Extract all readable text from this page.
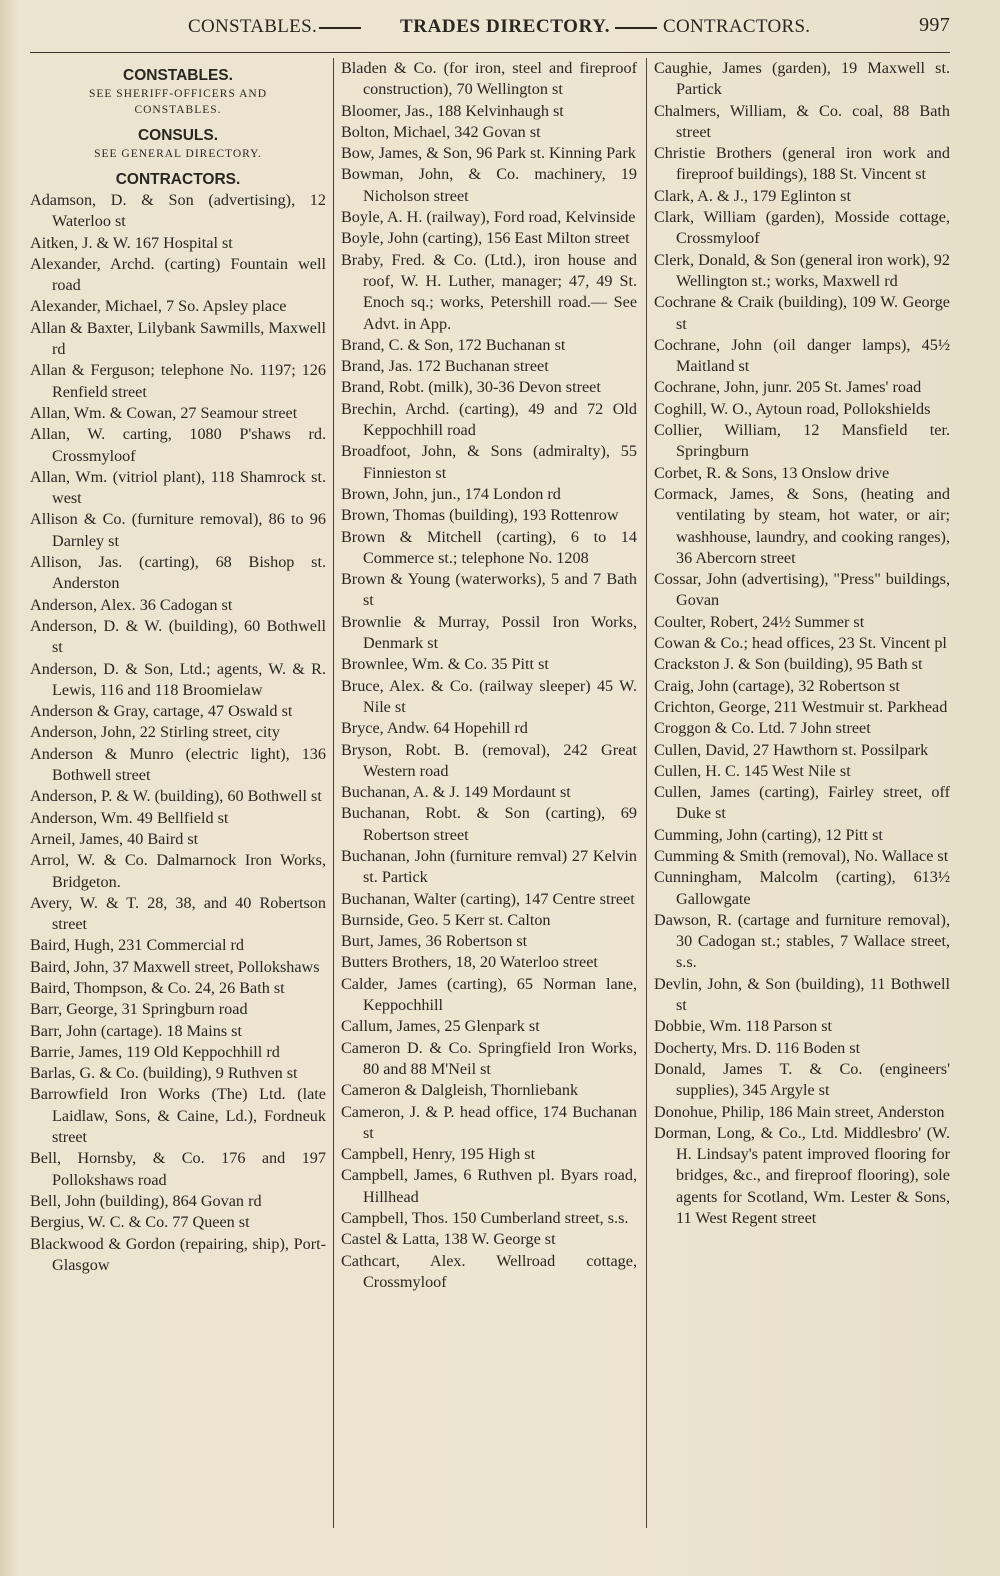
CONSTABLES.	TRADES DIRECTORY.	CONTRACTORS.	997
CONSTABLES.
SEE SHERIFF-OFFICERS AND CONSTABLES.
CONSULS.
SEE GENERAL DIRECTORY.
CONTRACTORS.

Adamson, D. & Son (advertising), 12 Waterloo st

Aitken, J. & W. 167 Hospital st

Alexander, Archd. (carting) Fountain well road

Alexander, Michael, 7 So. Apsley place

Allan & Baxter, Lilybank Sawmills, Maxwell rd

Allan & Ferguson; telephone No. 1197; 126 Renfield street

Allan, Wm. & Cowan, 27 Seamour street

Allan, W. carting, 1080 P'shaws rd. Crossmyloof

Allan, Wm. (vitriol plant), 118 Shamrock st. west

Allison & Co. (furniture removal), 86 to 96 Darnley st

Allison, Jas. (carting), 68 Bishop st. Anderston

Anderson, Alex. 36 Cadogan st

Anderson, D. & W. (building), 60 Bothwell st

Anderson, D. & Son, Ltd.; agents, W. & R. Lewis, 116 and 118 Broomielaw

Anderson & Gray, cartage, 47 Oswald st

Anderson, John, 22 Stirling street, city

Anderson & Munro (electric light), 136 Bothwell street

Anderson, P. & W. (building), 60 Bothwell st

Anderson, Wm. 49 Bellfield st

Arneil, James, 40 Baird st

Arrol, W. & Co. Dalmarnock Iron Works, Bridgeton.

Avery, W. & T. 28, 38, and 40 Robertson street

Baird, Hugh, 231 Commercial rd

Baird, John, 37 Maxwell street, Pollokshaws

Baird, Thompson, & Co. 24, 26 Bath st

Barr, George, 31 Springburn road

Barr, John (cartage). 18 Mains st

Barrie, James, 119 Old Keppochhill rd

Barlas, G. & Co. (building), 9 Ruthven st

Barrowfield Iron Works (The) Ltd. (late Laidlaw, Sons, & Caine, Ld.), Fordneuk street

Bell, Hornsby, & Co. 176 and 197 Pollokshaws road

Bell, John (building), 864 Govan rd

Bergius, W. C. & Co. 77 Queen st

Blackwood & Gordon (repairing, ship), Port-Glasgow

Bladen & Co. (for iron, steel and fireproof construction), 70 Wellington st

Bloomer, Jas., 188 Kelvinhaugh st

Bolton, Michael, 342 Govan st

Bow, James, & Son, 96 Park st. Kinning Park

Bowman, John, & Co. machinery, 19 Nicholson street

Boyle, A. H. (railway), Ford road, Kelvinside

Boyle, John (carting), 156 East Milton street

Braby, Fred. & Co. (Ltd.), iron house and roof, W. H. Luther, manager; 47, 49 St. Enoch sq.; works, Petershill road.— See Advt. in App.

Brand, C. & Son, 172 Buchanan st

Brand, Jas. 172 Buchanan street

Brand, Robt. (milk), 30-36 Devon street

Brechin, Archd. (carting), 49 and 72 Old Keppochhill road

Broadfoot, John, & Sons (admiralty), 55 Finnieston st

Brown, John, jun., 174 London rd

Brown, Thomas (building), 193 Rottenrow

Brown & Mitchell (carting), 6 to 14 Commerce st.; telephone No. 1208

Brown & Young (waterworks), 5 and 7 Bath st

Brownlie & Murray, Possil Iron Works, Denmark st

Brownlee, Wm. & Co. 35 Pitt st

Bruce, Alex. & Co. (railway sleeper) 45 W. Nile st

Bryce, Andw. 64 Hopehill rd

Bryson, Robt. B. (removal), 242 Great Western road

Buchanan, A. & J. 149 Mordaunt st

Buchanan, Robt. & Son (carting), 69 Robertson street

Buchanan, John (furniture remval) 27 Kelvin st. Partick

Buchanan, Walter (carting), 147 Centre street

Burnside, Geo. 5 Kerr st. Calton

Burt, James, 36 Robertson st

Butters Brothers, 18, 20 Waterloo street

Calder, James (carting), 65 Norman lane, Keppochhill

Callum, James, 25 Glenpark st

Cameron D. & Co. Springfield Iron Works, 80 and 88 M'Neil st

Cameron & Dalgleish, Thornliebank

Cameron, J. & P. head office, 174 Buchanan st

Campbell, Henry, 195 High st

Campbell, James, 6 Ruthven pl. Byars road, Hillhead

Campbell, Thos. 150 Cumberland street, s.s.

Castel & Latta, 138 W. George st

Cathcart, Alex. Wellroad cottage, Crossmyloof

Caughie, James (garden), 19 Maxwell st. Partick

Chalmers, William, & Co. coal, 88 Bath street

Christie Brothers (general iron work and fireproof buildings), 188 St. Vincent st

Clark, A. & J., 179 Eglinton st

Clark, William (garden), Mosside cottage, Crossmyloof

Clerk, Donald, & Son (general iron work), 92 Wellington st.; works, Maxwell rd

Cochrane & Craik (building), 109 W. George st

Cochrane, John (oil danger lamps), 45½ Maitland st

Cochrane, John, junr. 205 St. James' road

Coghill, W. O., Aytoun road, Pollokshields

Collier, William, 12 Mansfield ter. Springburn

Corbet, R. & Sons, 13 Onslow drive

Cormack, James, & Sons, (heating and ventilating by steam, hot water, or air; washhouse, laundry, and cooking ranges), 36 Abercorn street

Cossar, John (advertising), "Press" buildings, Govan

Coulter, Robert, 24½ Summer st

Cowan & Co.; head offices, 23 St. Vincent pl

Crackston J. & Son (building), 95 Bath st

Craig, John (cartage), 32 Robertson st

Crichton, George, 211 Westmuir st. Parkhead

Croggon & Co. Ltd. 7 John street

Cullen, David, 27 Hawthorn st. Possilpark

Cullen, H. C. 145 West Nile st

Cullen, James (carting), Fairley street, off Duke st

Cumming, John (carting), 12 Pitt st

Cumming & Smith (removal), No. Wallace st

Cunningham, Malcolm (carting), 613½ Gallowgate

Dawson, R. (cartage and furniture removal), 30 Cadogan st.; stables, 7 Wallace street, s.s.

Devlin, John, & Son (building), 11 Bothwell st

Dobbie, Wm. 118 Parson st

Docherty, Mrs. D. 116 Boden st

Donald, James T. & Co. (engineers' supplies), 345 Argyle st

Donohue, Philip, 186 Main street, Anderston

Dorman, Long, & Co., Ltd. Middlesbro' (W. H. Lindsay's patent improved flooring for bridges, &c., and fireproof flooring), sole agents for Scotland, Wm. Lester & Sons, 11 West Regent street
